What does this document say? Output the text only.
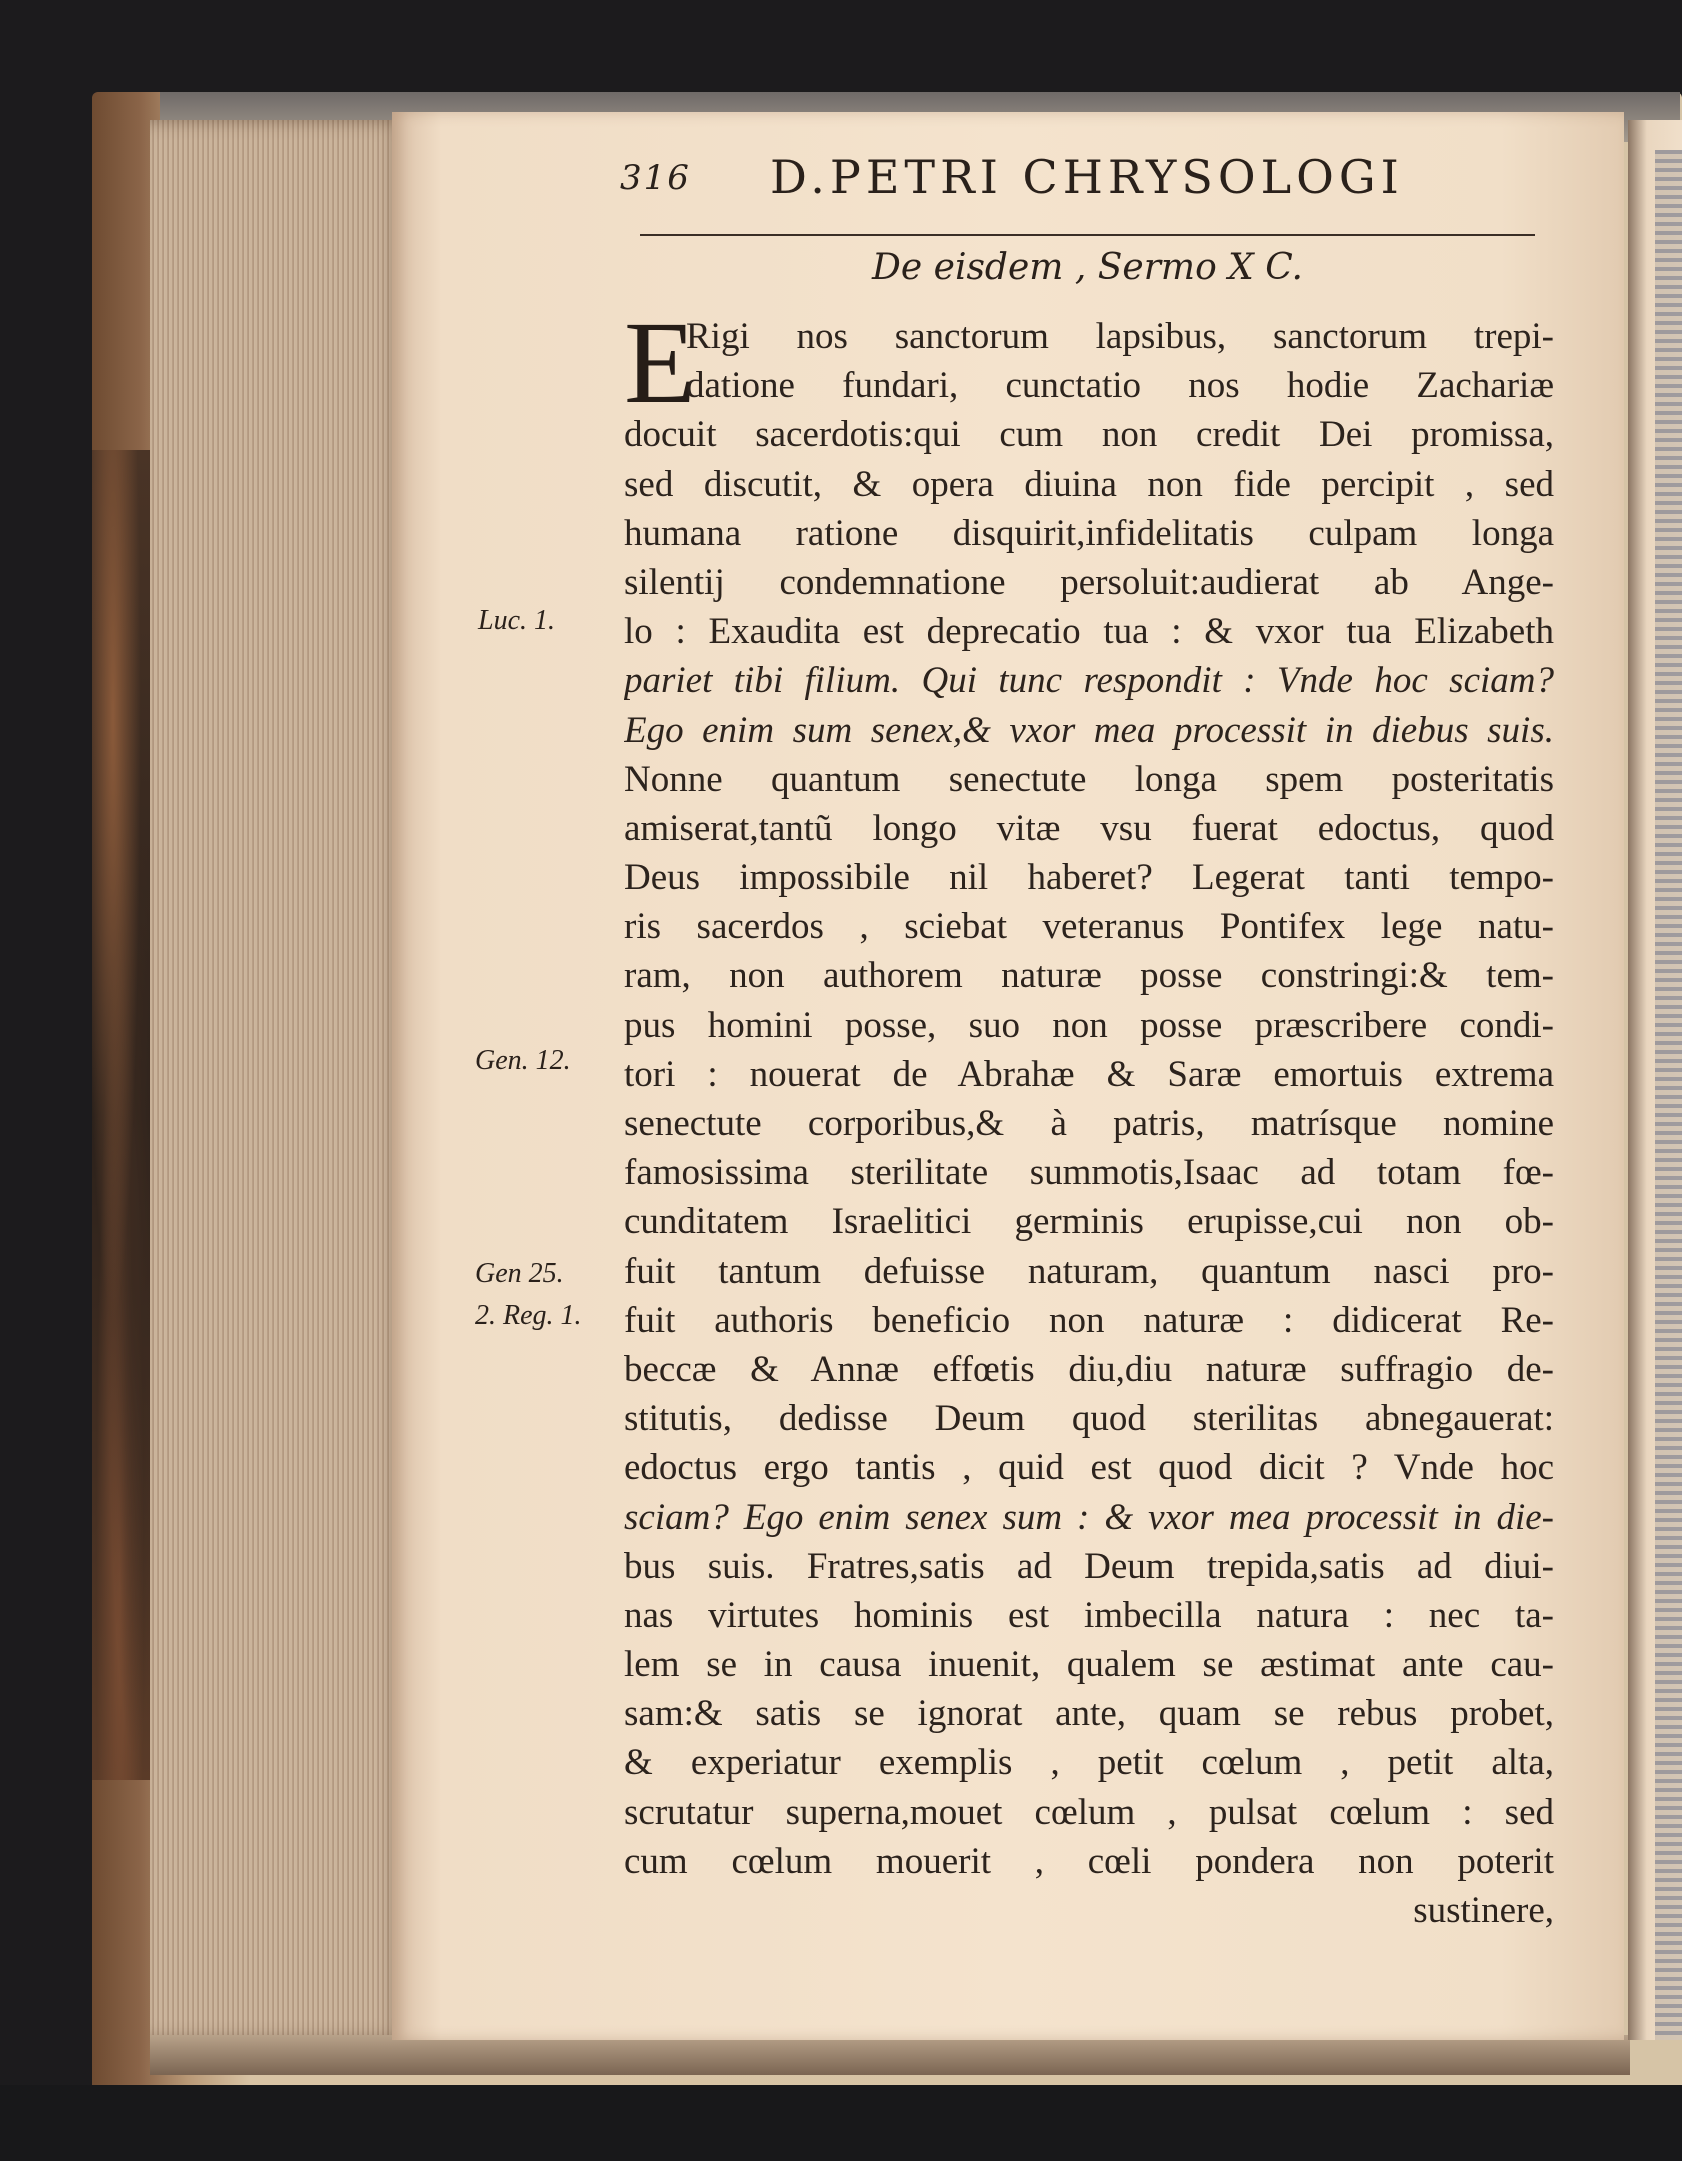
316 D.PETRI CHRYSOLOGI
De eisdem , Sermo X C.
E
Rigi nos sanctorum lapsibus, sanctorum trepi-
datione fundari, cunctatio nos hodie Zachariæ
docuit sacerdotis:qui cum non credit Dei promissa,
sed discutit, & opera diuina non fide percipit , sed
humana ratione disquirit,infidelitatis culpam longa
silentij condemnatione persoluit:audierat ab Ange-
lo : Exaudita est deprecatio tua : & vxor tua Elizabeth
pariet tibi filium. Qui tunc respondit : Vnde hoc sciam?
Ego enim sum senex,& vxor mea processit in diebus suis.
Nonne quantum senectute longa spem posteritatis
amiserat,tantũ longo vitæ vsu fuerat edoctus, quod
Deus impossibile nil haberet? Legerat tanti tempo-
ris sacerdos , sciebat veteranus Pontifex lege natu-
ram, non authorem naturæ posse constringi:& tem-
pus homini posse, suo non posse præscribere condi-
tori : nouerat de Abrahæ & Saræ emortuis extrema
senectute corporibus,& à patris, matrísque nomine
famosissima sterilitate summotis,Isaac ad totam fœ-
cunditatem Israelitici germinis erupisse,cui non ob-
fuit tantum defuisse naturam, quantum nasci pro-
fuit authoris beneficio non naturæ : didicerat Re-
beccæ & Annæ effœtis diu,diu naturæ suffragio de-
stitutis, dedisse Deum quod sterilitas abnegauerat:
edoctus ergo tantis , quid est quod dicit ? Vnde hoc
sciam? Ego enim senex sum : & vxor mea processit in die-
bus suis. Fratres,satis ad Deum trepida,satis ad diui-
nas virtutes hominis est imbecilla natura : nec ta-
lem se in causa inuenit, qualem se æstimat ante cau-
sam:& satis se ignorat ante, quam se rebus probet,
& experiatur exemplis , petit cœlum , petit alta,
scrutatur superna,mouet cœlum , pulsat cœlum : sed
cum cœlum mouerit , cœli pondera non poterit
sustinere,
Luc. 1.
Gen. 12.
Gen 25.
2. Reg. 1.
